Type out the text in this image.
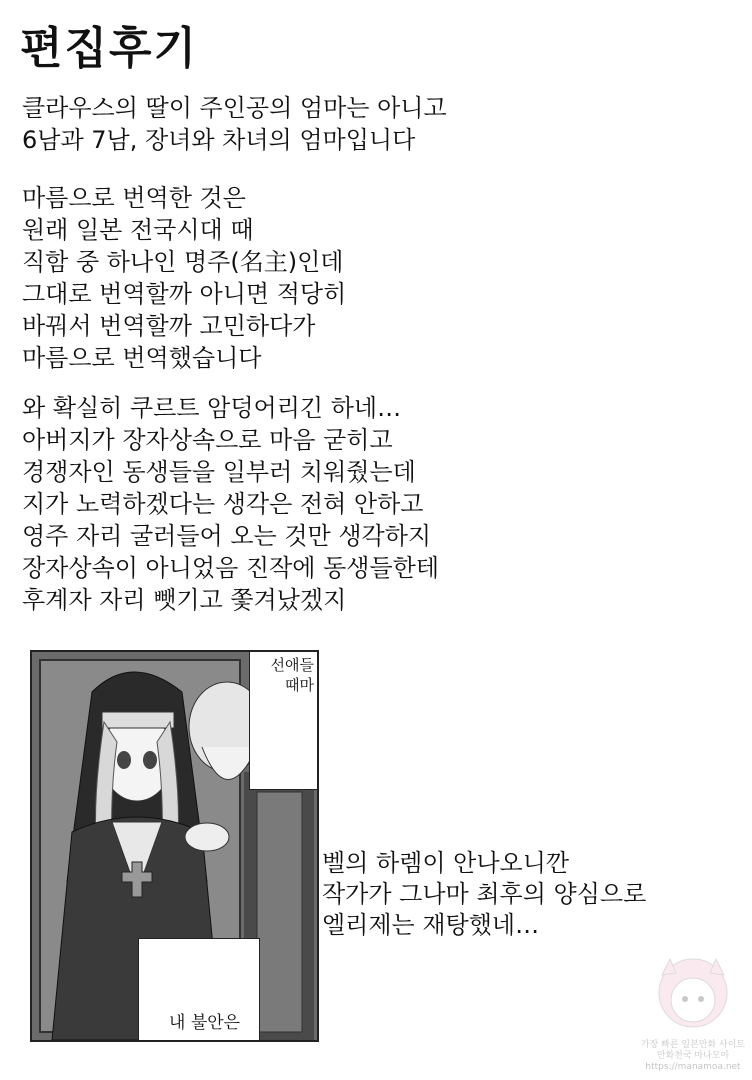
편집후기
클라우스의 딸이 주인공의 엄마는 아니고
6남과 7남, 장녀와 차녀의 엄마입니다
마름으로 번역한 것은
원래 일본 전국시대 때
직함 중 하나인 명주(名主)인데
그대로 번역할까 아니면 적당히
바꿔서 번역할까 고민하다가
마름으로 번역했습니다
와 확실히 쿠르트 암덩어리긴 하네…
아버지가 장자상속으로 마음 굳히고
경쟁자인 동생들을 일부러 치워줬는데
지가 노력하겠다는 생각은 전혀 안하고
영주 자리 굴러들어 오는 것만 생각하지
장자상속이 아니었음 진작에 동생들한테
후계자 자리 뺏기고 쫓겨났겠지
선애들
때마
내 불안은
벨의 하렘이 안나오니깐
작가가 그나마 최후의 양심으로
엘리제는 재탕했네…
가장 빠른 일본만화 사이트
만화천국 마나모아
https://manamoa.net
